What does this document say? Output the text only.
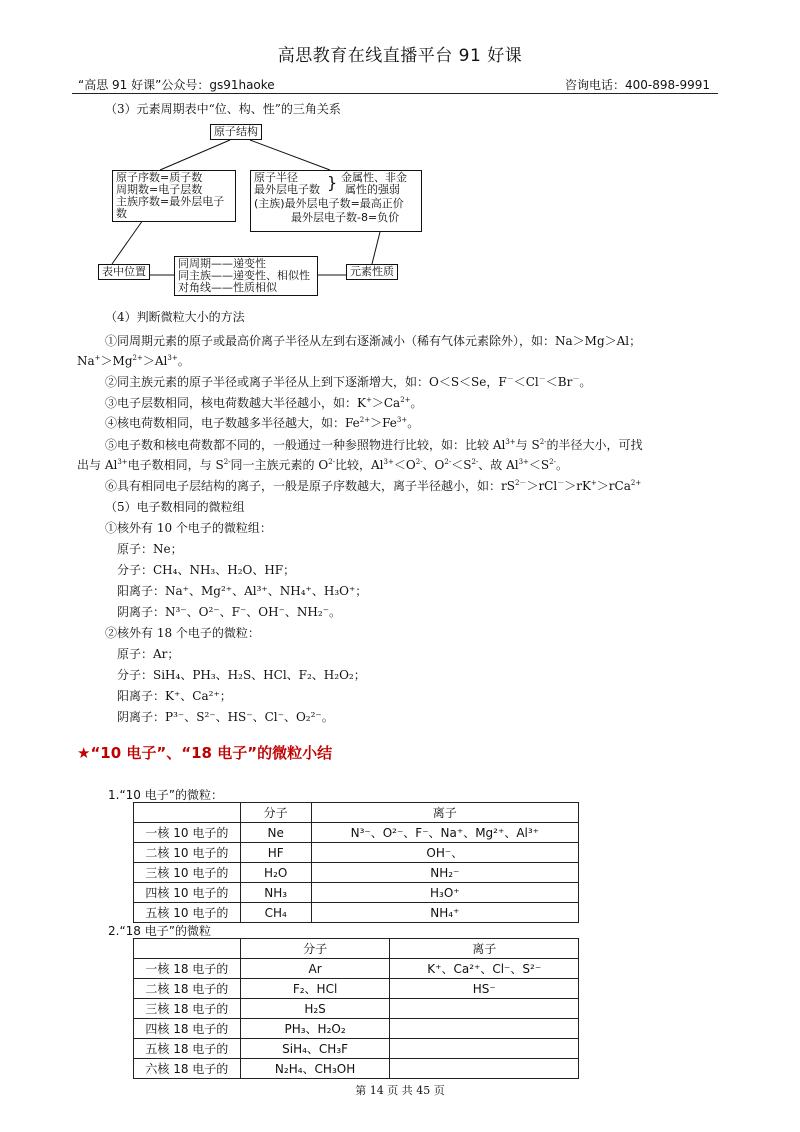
高思教育在线直播平台 91 好课
“高思 91 好课”公众号：gs91haoke	咨询电话：400-898-9991
（3）元素周期表中“位、构、性”的三角关系
原子结构
原子序数=质子数
周期数=电子层数
主族序数=最外层电子数
原子半径
最外层电子数 } 金属性、非金
属性的强弱
(主族)最外层电子数=最高正价
最外层电子数-8=负价
表中位置
同周期——递变性
同主族——递变性、相似性
对角线——性质相似
元素性质
（4）判断微粒大小的方法
①同周期元素的原子或最高价离子半径从左到右逐渐减小（稀有气体元素除外），如：Na＞Mg＞Al；
$Na^+>Mg^{2+}>Al^{3+}$。
②同主族元素的原子半径或离子半径从上到下逐渐增大，如：O＜S＜Se，F－＜Cl－＜Br－。
③电子层数相同，核电荷数越大半径越小，如：$K^+>Ca^{2+}$。
④核电荷数相同，电子数越多半径越大，如：$Fe^{2+}>Fe^{3+}$。
⑤电子数和核电荷数都不同的，一般通过一种参照物进行比较，如：比较 $Al^{3+}$与 $S^{2-}$的半径大小，可找
出与 $Al^{3+}$电子数相同，与 $S^{2-}$同一主族元素的 $O^{2-}$比较，$Al^{3+}<O^{2-}$、$O^{2-}<S^{2-}$、故 $Al^{3+}<S^{2-}$。
⑥具有相同电子层结构的离子，一般是原子序数越大，离子半径越小，如：$rS^{2-}>rCl^->rK^+>rCa^{2+}$
（5）电子数相同的微粒组
①核外有 10 个电子的微粒组：
原子：Ne；
分子：CH₄、NH₃、H₂O、HF；
阳离子：Na⁺、Mg²⁺、Al³⁺、NH₄⁺、H₃O⁺；
阴离子：N³⁻、O²⁻、F⁻、OH⁻、NH₂⁻。
②核外有 18 个电子的微粒：
原子：Ar；
分子：SiH₄、PH₃、H₂S、HCl、F₂、H₂O₂；
阳离子：K⁺、Ca²⁺；
阴离子：P³⁻、S²⁻、HS⁻、Cl⁻、O₂²⁻。
★“10 电子”、“18 电子”的微粒小结
1.“10 电子”的微粒：
	分子	离子
一核 10 电子的	Ne	N³⁻、O²⁻、F⁻、Na⁺、Mg²⁺、Al³⁺
二核 10 电子的	HF	OH⁻、
三核 10 电子的	H₂O	NH₂⁻
四核 10 电子的	NH₃	H₃O⁺
五核 10 电子的	CH₄	NH₄⁺
2.“18 电子”的微粒
	分子	离子
一核 18 电子的	Ar	K⁺、Ca²⁺、Cl⁻、S²⁻
二核 18 电子的	F₂、HCl	HS⁻
三核 18 电子的	H₂S	
四核 18 电子的	PH₃、H₂O₂	
五核 18 电子的	SiH₄、CH₃F	
六核 18 电子的	N₂H₄、CH₃OH	
第 14 页 共 45 页
